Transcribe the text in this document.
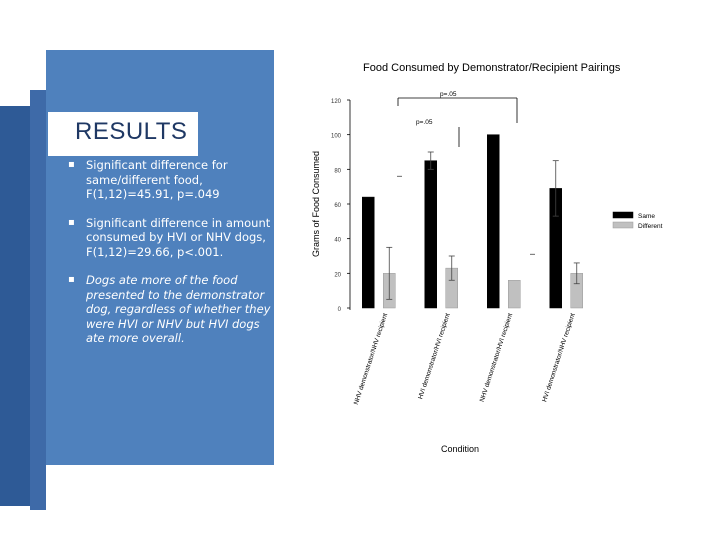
RESULTS
▪ Significant difference for same/different food, F(1,12)=45.91, p=.049
▪ Significant difference in amount consumed by HVI or NHV dogs, F(1,12)=29.66, p<.001.
▪ Dogs ate more of the food presented to the demonstrator dog, regardless of whether they were HVI or NHV but HVI dogs ate more overall.
Food Consumed by Demonstrator/Recipient Pairings
0
20
40
60
80
100
120
Grams of Food Consumed
NHV demonstrator/NHV recipient	HVI demonstrator/HVI recipient	NHV demonstrator/HVI recipient	HVI demonstrator/NHV recipient
p=.05
p=.05
Condition
Same
Different
